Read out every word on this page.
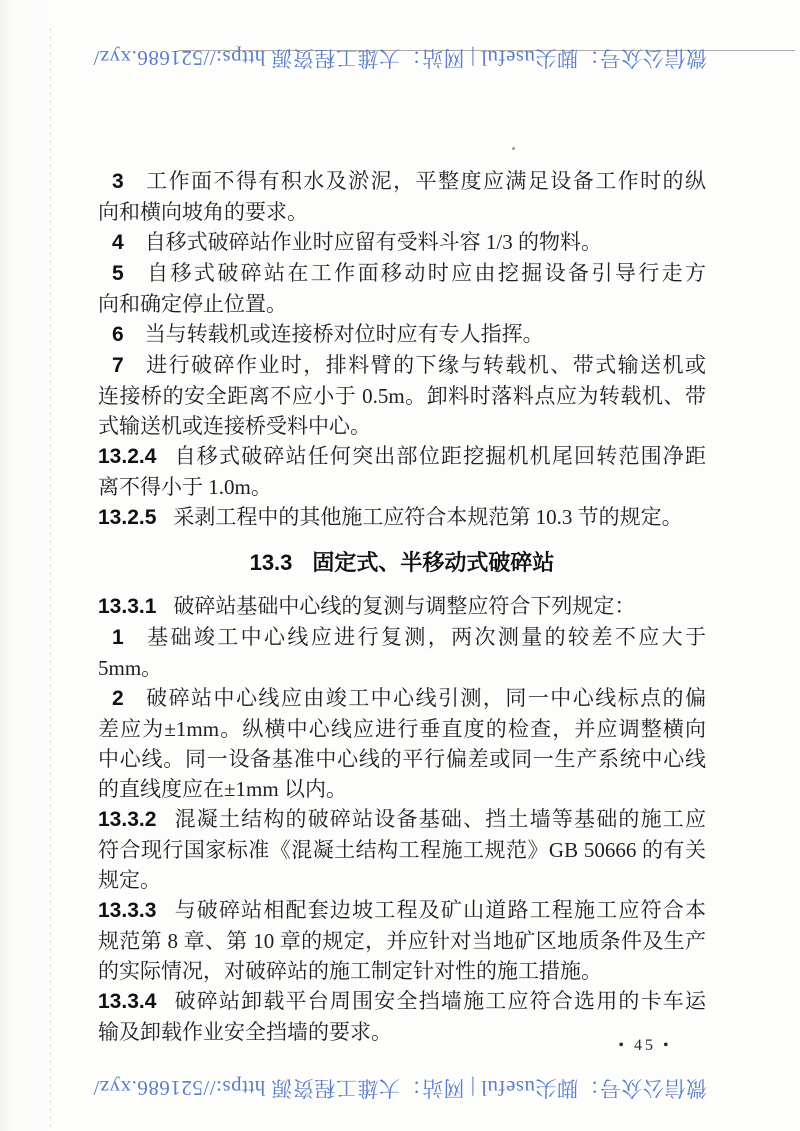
微信公众号：脚尖useful | 网站：大雄工程资源 https://521686.xyz/
3 工作面不得有积水及淤泥，平整度应满足设备工作时的纵
向和横向坡角的要求。
4 自移式破碎站作业时应留有受料斗容 1/3 的物料。
5 自移式破碎站在工作面移动时应由挖掘设备引导行走方
向和确定停止位置。
6 当与转载机或连接桥对位时应有专人指挥。
7 进行破碎作业时，排料臂的下缘与转载机、带式输送机或
连接桥的安全距离不应小于 0.5m。卸料时落料点应为转载机、带
式输送机或连接桥受料中心。
13.2.4 自移式破碎站任何突出部位距挖掘机机尾回转范围净距
离不得小于 1.0m。
13.2.5 采剥工程中的其他施工应符合本规范第 10.3 节的规定。
13.3 固定式、半移动式破碎站
13.3.1 破碎站基础中心线的复测与调整应符合下列规定：
1 基础竣工中心线应进行复测，两次测量的较差不应大于
5mm。
2 破碎站中心线应由竣工中心线引测，同一中心线标点的偏
差应为±1mm。纵横中心线应进行垂直度的检查，并应调整横向
中心线。同一设备基准中心线的平行偏差或同一生产系统中心线
的直线度应在±1mm 以内。
13.3.2 混凝土结构的破碎站设备基础、挡土墙等基础的施工应
符合现行国家标准《混凝土结构工程施工规范》GB 50666 的有关
规定。
13.3.3 与破碎站相配套边坡工程及矿山道路工程施工应符合本
规范第 8 章、第 10 章的规定，并应针对当地矿区地质条件及生产
的实际情况，对破碎站的施工制定针对性的施工措施。
13.3.4 破碎站卸载平台周围安全挡墙施工应符合选用的卡车运
输及卸载作业安全挡墙的要求。
• 45 •
微信公众号：脚尖useful | 网站：大雄工程资源 https://521686.xyz/
